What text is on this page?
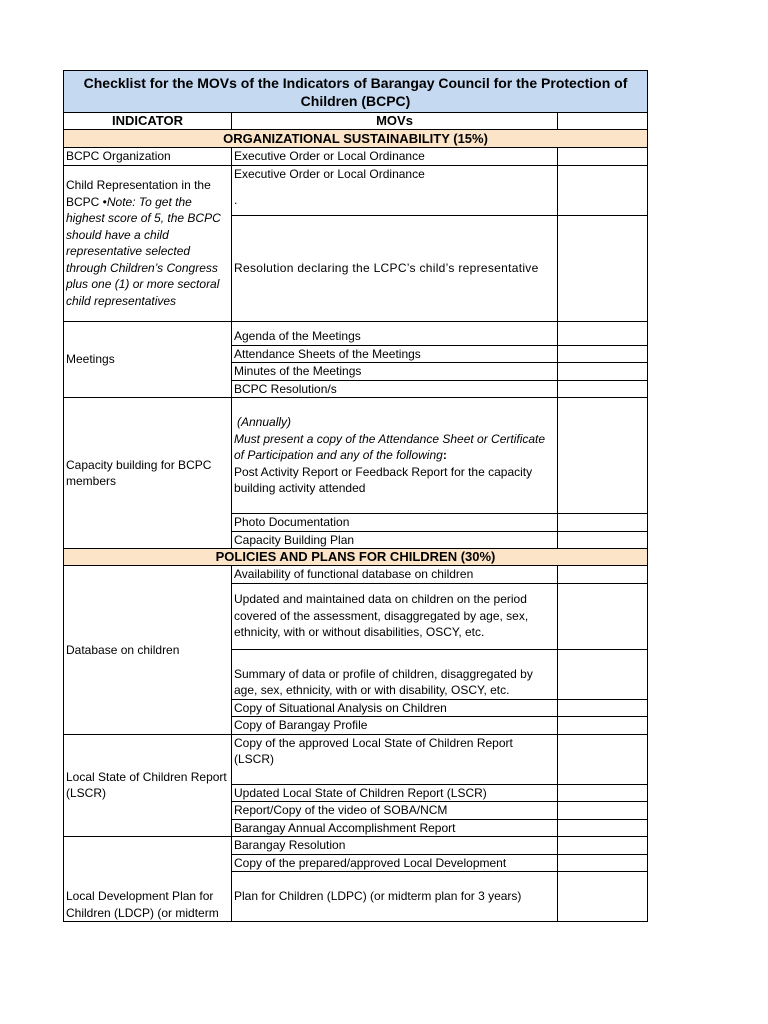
Checklist for the MOVs of the Indicators of Barangay Council for the Protection of Children (BCPC)		
INDICATOR	MOVs	
ORGANIZATIONAL SUSTAINABILITY (15%)		
BCPC Organization	Executive Order or Local Ordinance	
Child Representation in the BCPC •Note: To get the highest score of 5, the BCPC should have a child representative selected through Children’s Congress plus one (1) or more sectoral child representatives	Executive Order or Local Ordinance
.	

	Resolution declaring the LCPC’s child’s representative	
Meetings	Agenda of the Meetings	
	Attendance Sheets of the Meetings	
	Minutes of the Meetings	
	BCPC Resolution/s	
Capacity building for BCPC members	(Annually)
Must present a copy of the Attendance Sheet or Certificate of Participation and any of the following:
Post Activity Report or Feedback Report for the capacity building activity attended	

	Photo Documentation	
	Capacity Building Plan	
POLICIES AND PLANS FOR CHILDREN (30%)		
Database on children	Availability of functional database on children	
	Updated and maintained data on children on the period covered of the assessment, disaggregated by age, sex, ethnicity, with or without disabilities, OSCY, etc.	
	Summary of data or profile of children, disaggregated by age, sex, ethnicity, with or with disability, OSCY, etc.	
	Copy of Situational Analysis on Children	
	Copy of Barangay Profile	
Local State of Children Report (LSCR)	Copy of the approved Local State of Children Report (LSCR)	
	Updated Local State of Children Report (LSCR)	
	Report/Copy of the video of SOBA/NCM	
	Barangay Annual Accomplishment Report	
Local Development Plan for Children (LDCP) (or midterm	Barangay Resolution	
	Copy of the prepared/approved Local Development	
	Plan for Children (LDPC) (or midterm plan for 3 years)	
